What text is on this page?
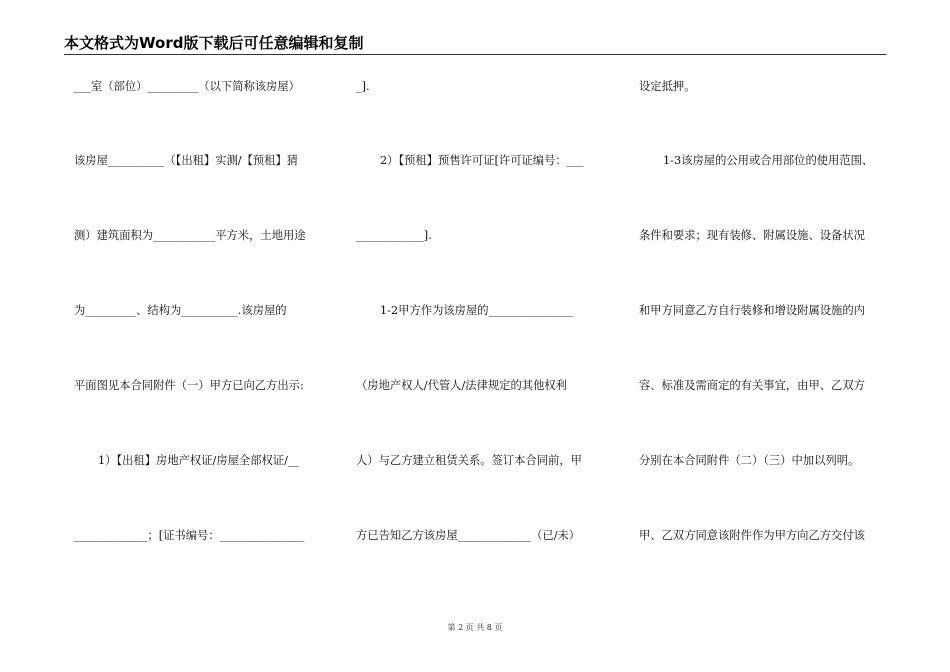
本文格式为Word版下载后可任意编辑和复制
___室（部位）_________（以下简称该房屋）
该房屋__________（【出租】实测/【预租】猜
测）建筑面积为___________平方米，土地用途
为_________、结构为__________.该房屋的
平面图见本合同附件（一）甲方已向乙方出示:
1）【出租】房地产权证/房屋全部权证/__
_____________；[证书编号：_______________
_].
2）【预租】预售许可证[许可证编号：___
____________].
1-2甲方作为该房屋的_______________
（房地产权人/代管人/法律规定的其他权利
人）与乙方建立租赁关系。签订本合同前，甲
方已告知乙方该房屋_____________（已/未）
设定抵押。
1-3该房屋的公用或合用部位的使用范围、
条件和要求；现有装修、附属设施、设备状况
和甲方同意乙方自行装修和增设附属设施的内
容、标准及需商定的有关事宜，由甲、乙双方
分别在本合同附件（二）（三）中加以列明。
甲、乙双方同意该附件作为甲方向乙方交付该
第 2 页 共 8 页
